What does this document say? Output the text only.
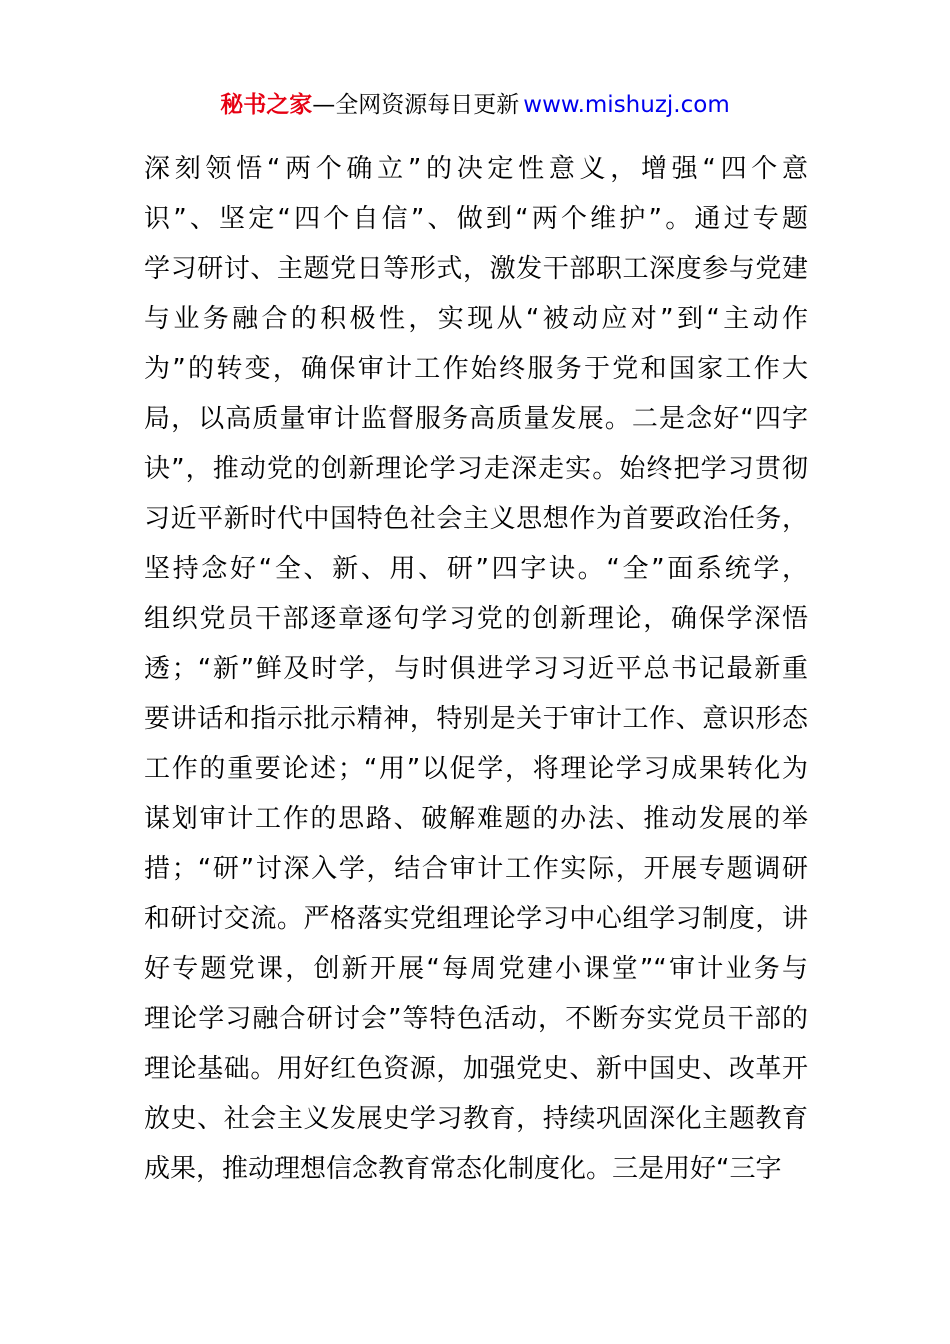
秘书之家—全网资源每日更新 www.mishuzj.com
深刻领悟“两个确立”的决定性意义，增强“四个意
识”、坚定“四个自信”、做到“两个维护”。通过专题
学习研讨、主题党日等形式，激发干部职工深度参与党建
与业务融合的积极性，实现从“被动应对”到“主动作
为”的转变，确保审计工作始终服务于党和国家工作大
局，以高质量审计监督服务高质量发展。二是念好“四字
诀”，推动党的创新理论学习走深走实。始终把学习贯彻
习近平新时代中国特色社会主义思想作为首要政治任务，
坚持念好“全、新、用、研”四字诀。“全”面系统学，
组织党员干部逐章逐句学习党的创新理论，确保学深悟
透；“新”鲜及时学，与时俱进学习习近平总书记最新重
要讲话和指示批示精神，特别是关于审计工作、意识形态
工作的重要论述；“用”以促学，将理论学习成果转化为
谋划审计工作的思路、破解难题的办法、推动发展的举
措；“研”讨深入学，结合审计工作实际，开展专题调研
和研讨交流。严格落实党组理论学习中心组学习制度，讲
好专题党课，创新开展“每周党建小课堂”“审计业务与
理论学习融合研讨会”等特色活动，不断夯实党员干部的
理论基础。用好红色资源，加强党史、新中国史、改革开
放史、社会主义发展史学习教育，持续巩固深化主题教育
成果，推动理想信念教育常态化制度化。三是用好“三字
